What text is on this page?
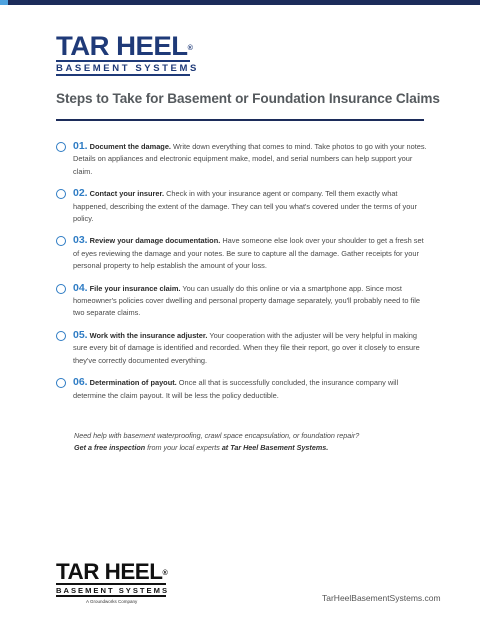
TAR HEEL®
BASEMENT SYSTEMS
Steps to Take for Basement or Foundation Insurance Claims

01. Document the damage. Write down everything that comes to mind. Take photos to go with your notes. Details on appliances and electronic equipment make, model, and serial numbers can help support your claim.

02. Contact your insurer. Check in with your insurance agent or company. Tell them exactly what happened, describing the extent of the damage. They can tell you what's covered under the terms of your policy.

03. Review your damage documentation. Have someone else look over your shoulder to get a fresh set of eyes reviewing the damage and your notes. Be sure to capture all the damage. Gather receipts for your personal property to help establish the amount of your loss.

04. File your insurance claim. You can usually do this online or via a smartphone app. Since most homeowner's policies cover dwelling and personal property damage separately, you'll probably need to file two separate claims.

05. Work with the insurance adjuster. Your cooperation with the adjuster will be very helpful in making sure every bit of damage is identified and recorded. When they file their report, go over it closely to ensure they've correctly documented everything.

06. Determination of payout. Once all that is successfully concluded, the insurance company will determine the claim payout. It will be less the policy deductible.

Need help with basement waterproofing, crawl space encapsulation, or foundation repair?
Get a free inspection from your local experts at Tar Heel Basement Systems.
TAR HEEL®
BASEMENT SYSTEMS
A Groundworks Company	TarHeelBasementSystems.com
